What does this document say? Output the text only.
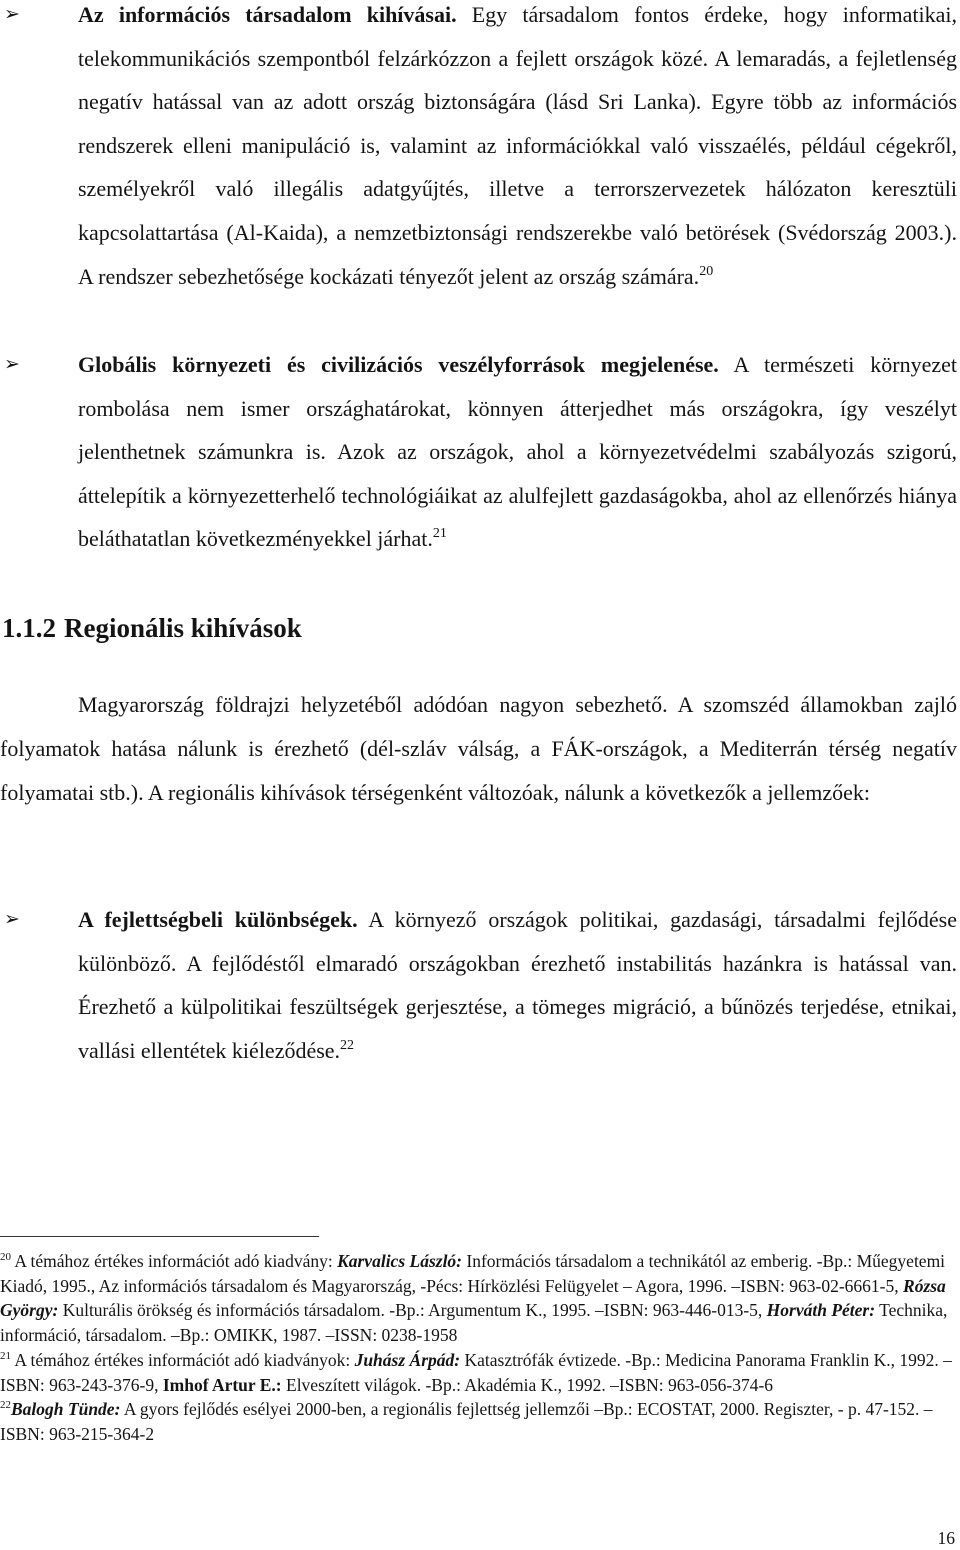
➢	Az információs társadalom kihívásai. Egy társadalom fontos érdeke, hogy informatikai, telekommunikációs szempontból felzárkózzon a fejlett országok közé. A lemaradás, a fejletlenség negatív hatással van az adott ország biztonságára (lásd Sri Lanka). Egyre több az információs rendszerek elleni manipuláció is, valamint az információkkal való visszaélés, például cégekről, személyekről való illegális adatgyűjtés, illetve a terrorszervezetek hálózaton keresztüli kapcsolattartása (Al-Kaida), a nemzetbiztonsági rendszerekbe való betörések (Svédország 2003.). A rendszer sebezhetősége kockázati tényezőt jelent az ország számára.$^{20}$
➢	Globális környezeti és civilizációs veszélyforrások megjelenése. A természeti környezet rombolása nem ismer országhatárokat, könnyen átterjedhet más országokra, így veszélyt jelenthetnek számunkra is. Azok az országok, ahol a környezetvédelmi szabályozás szigorú, áttelepítik a környezetterhelő technológiáikat az alulfejlett gazdaságokba, ahol az ellenőrzés hiánya beláthatatlan következményekkel járhat.$^{21}$
1.1.2 Regionális kihívások

Magyarország földrajzi helyzetéből adódóan nagyon sebezhető. A szomszéd államokban zajló folyamatok hatása nálunk is érezhető (dél-szláv válság, a FÁK-országok, a Mediterrán térség negatív folyamatai stb.). A regionális kihívások térségenként változóak, nálunk a következők a jellemzőek:

➢	A fejlettségbeli különbségek. A környező országok politikai, gazdasági, társadalmi fejlődése különböző. A fejlődéstől elmaradó országokban érezhető instabilitás hazánkra is hatással van. Érezhető a külpolitikai feszültségek gerjesztése, a tömeges migráció, a bűnözés terjedése, etnikai, vallási ellentétek kiéleződése.$^{22}$

$^{20}$ A témához értékes információt adó kiadvány: Karvalics László: Információs társadalom a technikától az emberig. -Bp.: Műegyetemi Kiadó, 1995., Az információs társadalom és Magyarország, -Pécs: Hírközlési Felügyelet – Agora, 1996. –ISBN: 963-02-6661-5, Rózsa György: Kulturális örökség és információs társadalom. -Bp.: Argumentum K., 1995. –ISBN: 963-446-013-5, Horváth Péter: Technika, információ, társadalom. –Bp.: OMIKK, 1987. –ISSN: 0238-1958

$^{21}$ A témához értékes információt adó kiadványok: Juhász Árpád: Katasztrófák évtizede. -Bp.: Medicina Panorama Franklin K., 1992. –ISBN: 963-243-376-9, Imhof Artur E.: Elveszített világok. -Bp.: Akadémia K., 1992. –ISBN: 963-056-374-6

$^{22}$Balogh Tünde: A gyors fejlődés esélyei 2000-ben, a regionális fejlettség jellemzői –Bp.: ECOSTAT, 2000. Regiszter, - p. 47-152. –ISBN: 963-215-364-2

16
